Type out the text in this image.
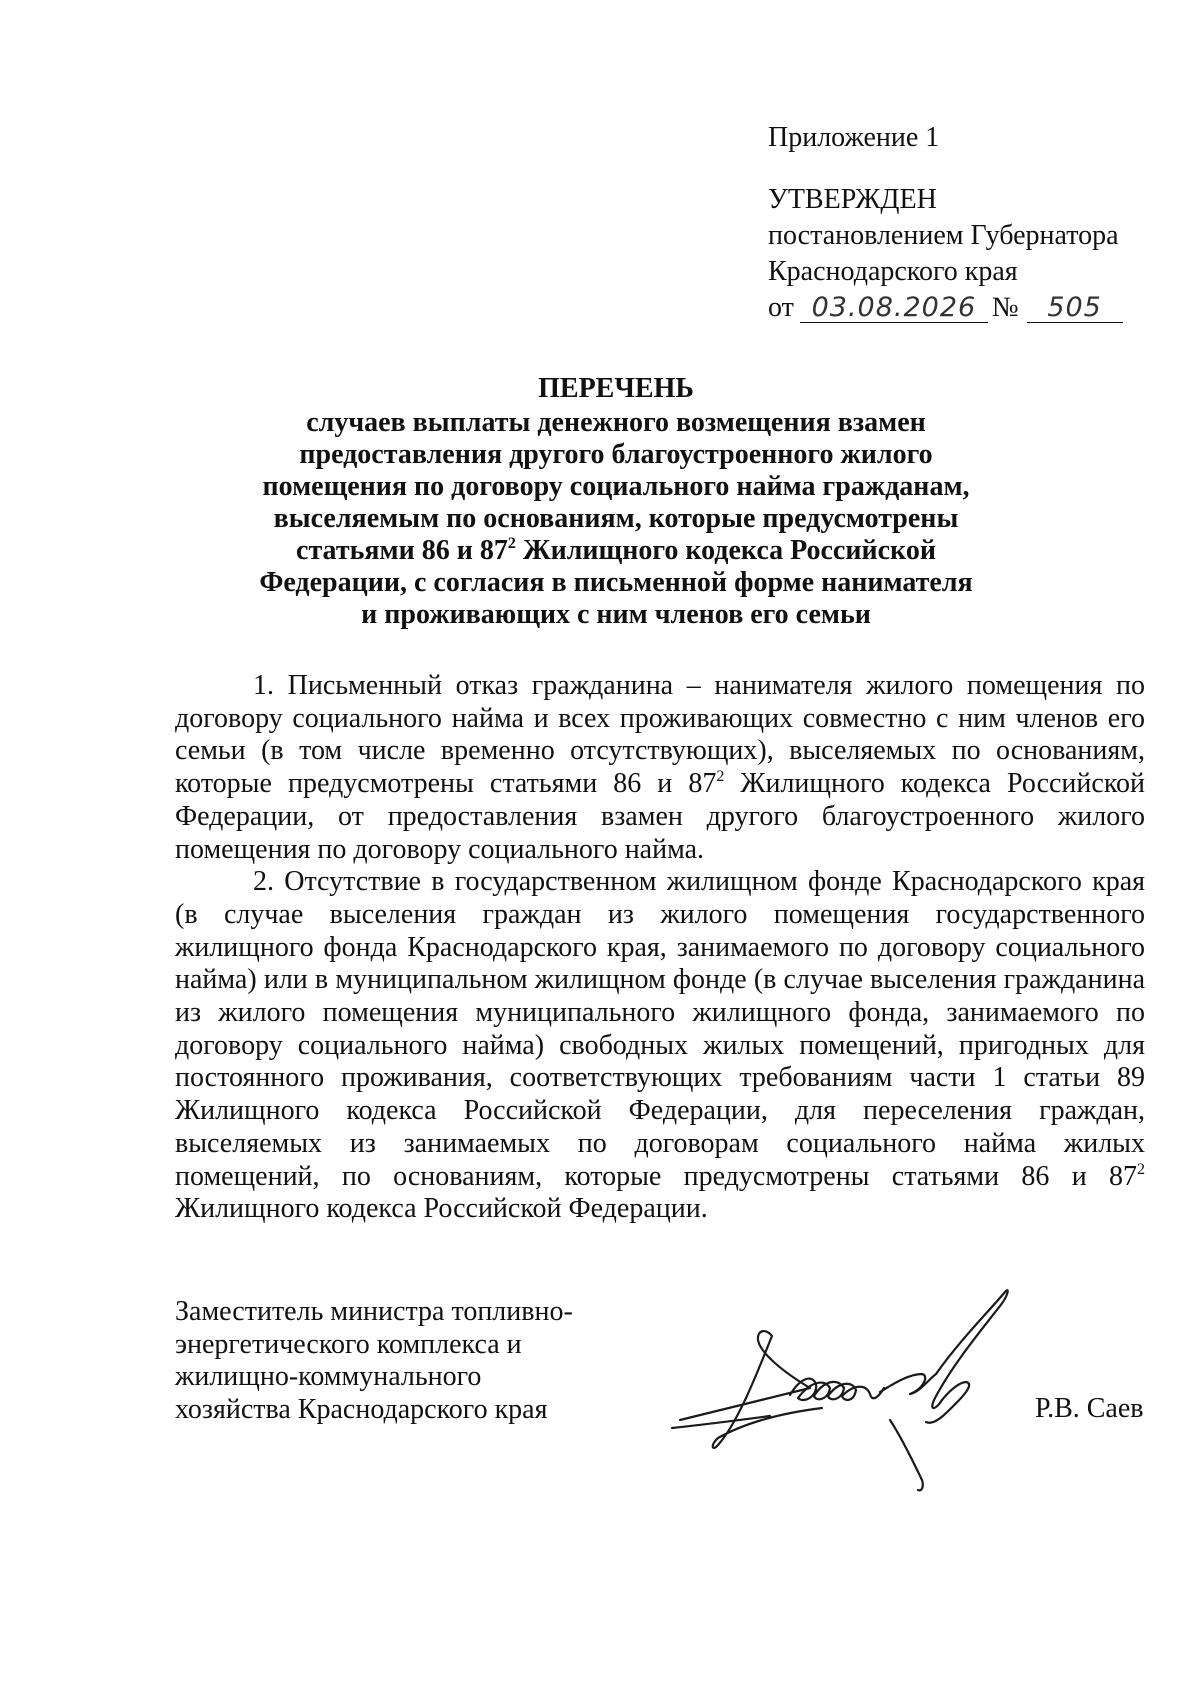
Приложение 1
УТВЕРЖДЕН
постановлением Губернатора
Краснодарского края
от 03.08.2026 № 505
ПЕРЕЧЕНЬ
случаев выплаты денежного возмещения взамен
предоставления другого благоустроенного жилого
помещения по договору социального найма гражданам,
выселяемым по основаниям, которые предусмотрены
статьями 86 и $87^2$ Жилищного кодекса Российской
Федерации, с согласия в письменной форме нанимателя
и проживающих с ним членов его семьи

1. Письменный отказ гражданина – нанимателя жилого помещения по договору социального найма и всех проживающих совместно с ним членов его семьи (в том числе временно отсутствующих), выселяемых по основаниям, которые предусмотрены статьями 86 и $87^2$ Жилищного кодекса Российской Федерации, от предоставления взамен другого благоустроенного жилого помещения по договору социального найма.

2. Отсутствие в государственном жилищном фонде Краснодарского края (в случае выселения граждан из жилого помещения государственного жилищного фонда Краснодарского края, занимаемого по договору социального найма) или в муниципальном жилищном фонде (в случае выселения гражданина из жилого помещения муниципального жилищного фонда, занимаемого по договору социального найма) свободных жилых помещений, пригодных для постоянного проживания, соответствующих требованиям части 1 статьи 89 Жилищного кодекса Российской Федерации, для переселения граждан, выселяемых из занимаемых по договорам социального найма жилых помещений, по основаниям, которые предусмотрены статьями 86 и $87^2$ Жилищного кодекса Российской Федерации.

Заместитель министра топливно-
энергетического комплекса и
жилищно-коммунального
хозяйства Краснодарского края	Р.В. Саев
